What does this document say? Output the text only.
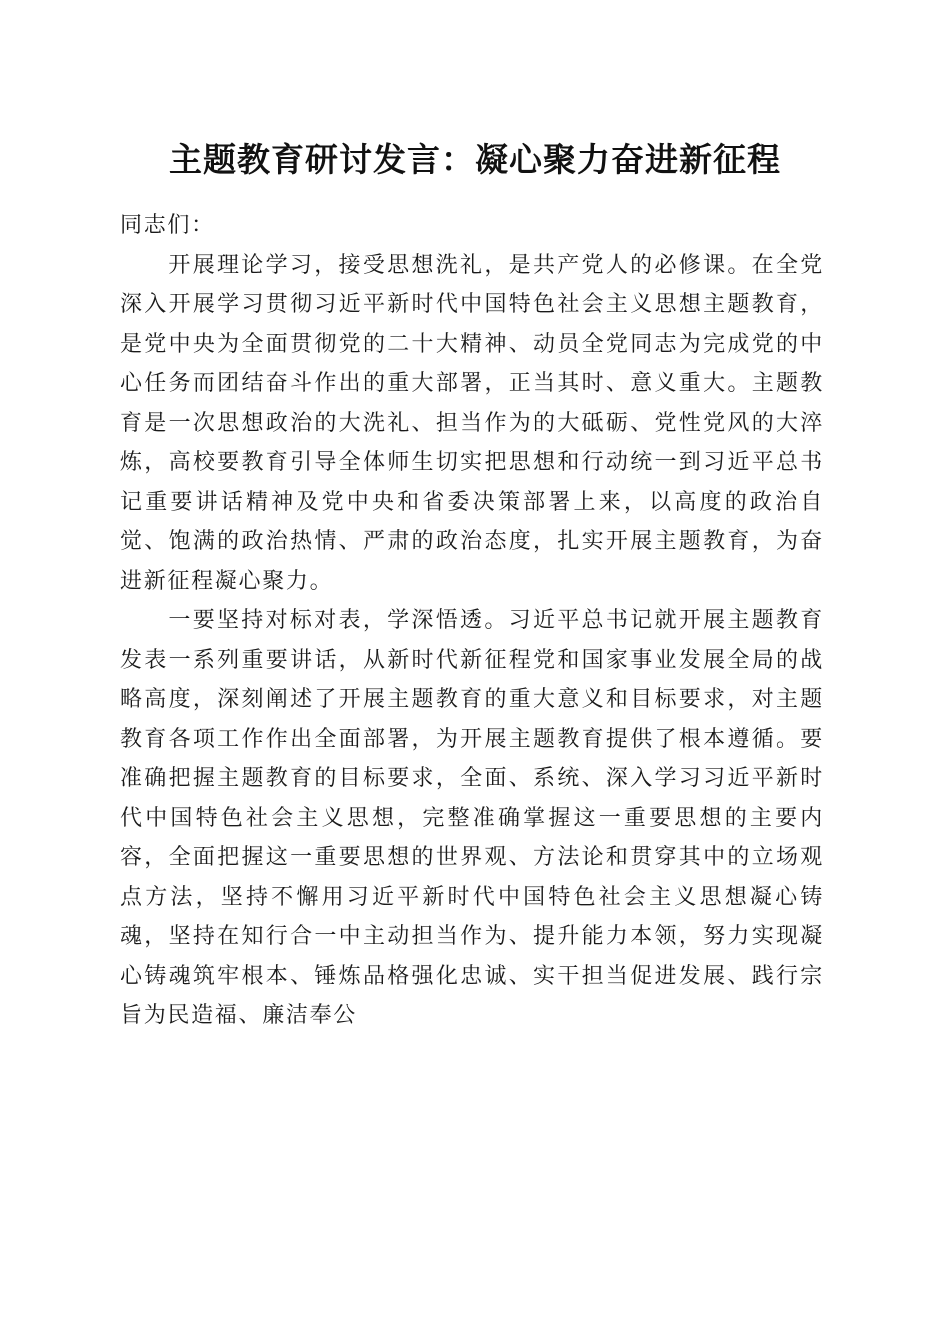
主题教育研讨发言：凝心聚力奋进新征程

同志们：

开展理论学习，接受思想洗礼，是共产党人的必修课。在全党深入开展学习贯彻习近平新时代中国特色社会主义思想主题教育，是党中央为全面贯彻党的二十大精神、动员全党同志为完成党的中心任务而团结奋斗作出的重大部署，正当其时、意义重大。主题教育是一次思想政治的大洗礼、担当作为的大砥砺、党性党风的大淬炼，高校要教育引导全体师生切实把思想和行动统一到习近平总书记重要讲话精神及党中央和省委决策部署上来，以高度的政治自觉、饱满的政治热情、严肃的政治态度，扎实开展主题教育，为奋进新征程凝心聚力。

一要坚持对标对表，学深悟透。习近平总书记就开展主题教育发表一系列重要讲话，从新时代新征程党和国家事业发展全局的战略高度，深刻阐述了开展主题教育的重大意义和目标要求，对主题教育各项工作作出全面部署，为开展主题教育提供了根本遵循。要准确把握主题教育的目标要求，全面、系统、深入学习习近平新时代中国特色社会主义思想，完整准确掌握这一重要思想的主要内容，全面把握这一重要思想的世界观、方法论和贯穿其中的立场观点方法，坚持不懈用习近平新时代中国特色社会主义思想凝心铸魂，坚持在知行合一中主动担当作为、提升能力本领，努力实现凝心铸魂筑牢根本、锤炼品格强化忠诚、实干担当促进发展、践行宗旨为民造福、廉洁奉公
